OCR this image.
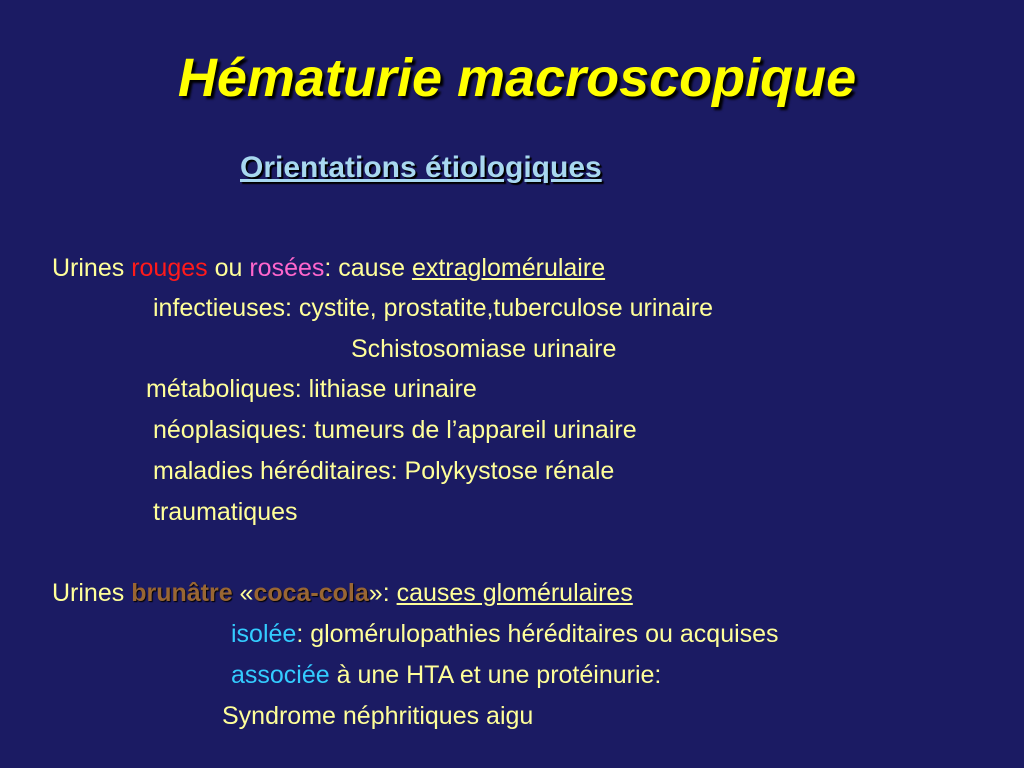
Hématurie macroscopique
Orientations étiologiques
Urines rouges ou rosées: cause extraglomérulaire
infectieuses: cystite, prostatite,tuberculose urinaire
Schistosomiase urinaire
métaboliques: lithiase urinaire
néoplasiques: tumeurs de l’appareil urinaire
maladies héréditaires: Polykystose rénale
traumatiques
Urines brunâtre «coca-cola»: causes glomérulaires
isolée: glomérulopathies héréditaires ou acquises
associée à une HTA et une protéinurie:
Syndrome néphritiques aigu
